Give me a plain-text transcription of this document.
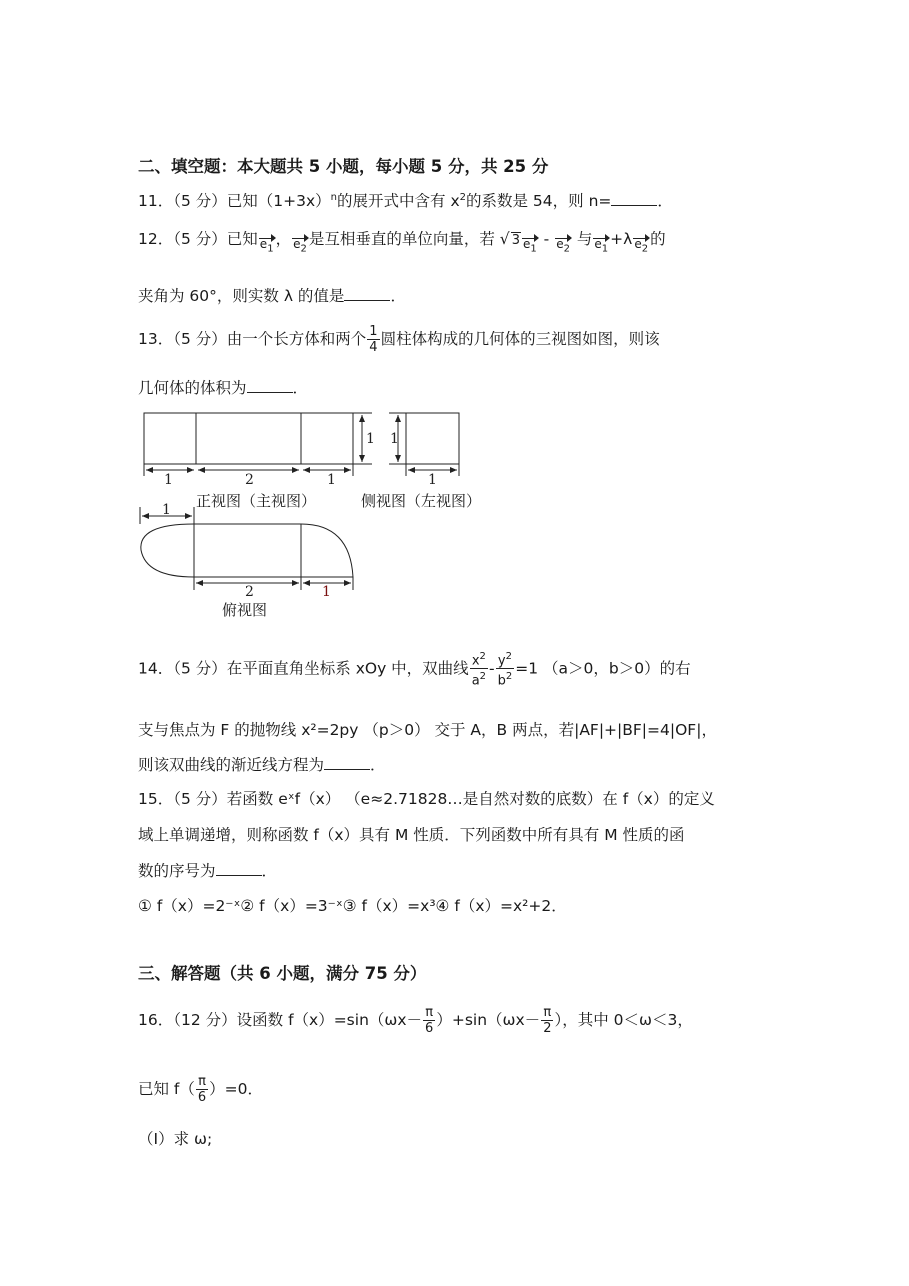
二、填空题：本大题共 5 小题，每小题 5 分，共 25 分
11．（5 分）已知$(1+3x)^n$的展开式中含有 $x^2$的系数是 54，则 n=	．
12．（5 分）已知 $e_1$， $e_2$是互相垂直的单位向量，若 √ 3 $e_1 - e_2$ 与 $e_1+\lambda$ $e_2$的
夹角为 60°，则实数 λ 的值是	．
13．（5 分）由一个长方体和两个 $\frac{1}{4}$ 圆柱体构成的几何体的三视图如图，则该
几何体的体积为	．
1	2	1
1 1
1
1
2	1
正视图（主视图）	侧视图（左视图）
俯视图
14．（5 分）在平面直角坐标系 xOy 中，双曲线 $\frac{x^2}{a^2} - \frac{y^2}{b^2} =1$ （a＞0，b＞0）的右
支与焦点为 F 的抛物线 x²=2py （p＞0） 交于 A，B 两点，若|AF|+|BF|=4|OF|，
则该双曲线的渐近线方程为	．
15．（5 分）若函数 eˣf（x） （e≈2.71828…是自然对数的底数）在 f（x）的定义
域上单调递增，则称函数 f（x）具有 M 性质．下列函数中所有具有 M 性质的函
数的序号为	．
① f（x）=2⁻ˣ② f（x）=3⁻ˣ③ f（x）=x³④ f（x）=x²+2．
三、解答题（共 6 小题，满分 75 分）
16．（12 分）设函数 $f(x)=\sin(\omega x- \frac{\pi}{6} )+\sin(\omega x- \frac{\pi}{2}$ ），其中 0＜ω＜3，
已知 $f( \frac{\pi}{6} )=0$．
（I）求 ω;
